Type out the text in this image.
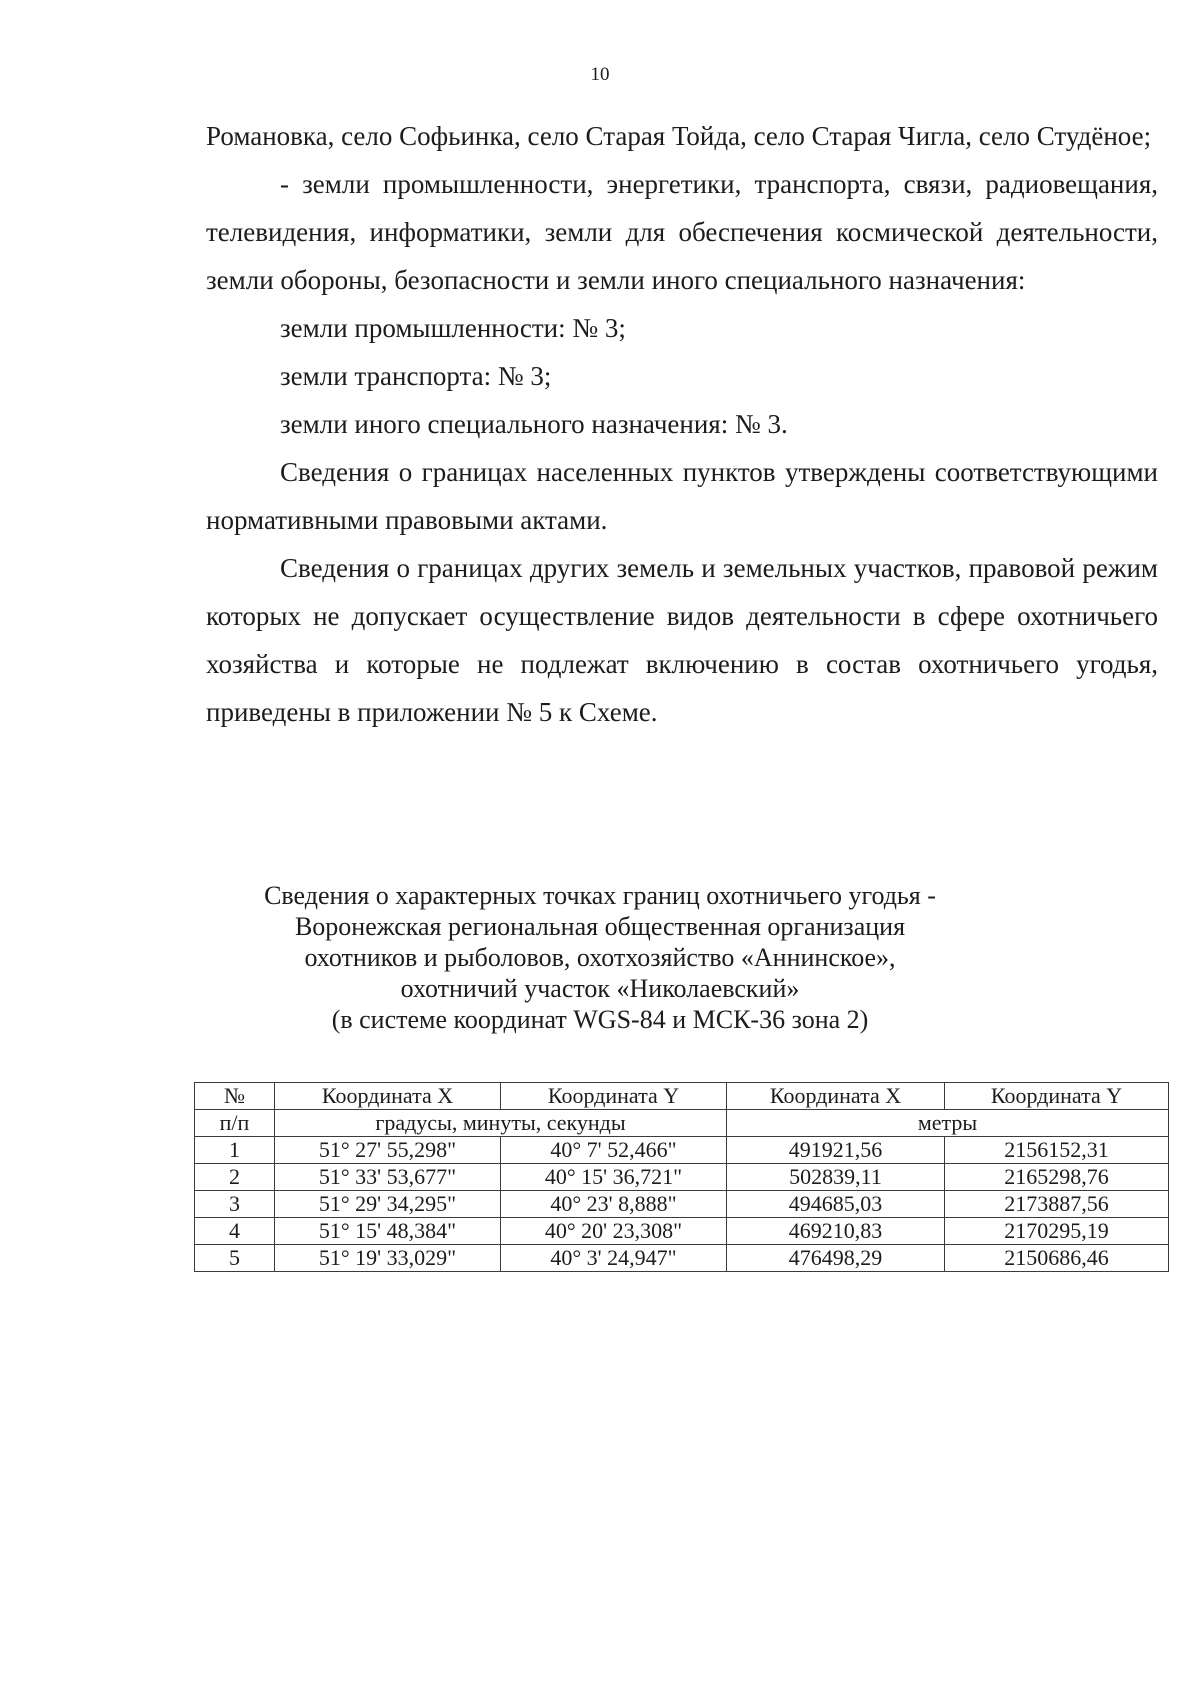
10

Романовка, село Софьинка, село Старая Тойда, село Старая Чигла, село Студёное;

- земли промышленности, энергетики, транспорта, связи, радиовещания, телевидения, информатики, земли для обеспечения космической деятельности, земли обороны, безопасности и земли иного специального назначения:

земли промышленности: № 3;

земли транспорта: № 3;

земли иного специального назначения: № 3.

Сведения о границах населенных пунктов утверждены соответствующими нормативными правовыми актами.

Сведения о границах других земель и земельных участков, правовой режим которых не допускает осуществление видов деятельности в сфере охотничьего хозяйства и которые не подлежат включению в состав охотничьего угодья, приведены в приложении № 5 к Схеме.

Сведения о характерных точках границ охотничьего угодья -
Воронежская региональная общественная организация
охотников и рыболовов, охотхозяйство «Аннинское»,
охотничий участок «Николаевский»
(в системе координат WGS-84 и МСК-36 зона 2)
№	Координата X	Координата Y	Координата X	Координата Y
п/п	градусы, минуты, секунды		метры	
1	51° 27' 55,298"	40° 7' 52,466"	491921,56	2156152,31
2	51° 33' 53,677"	40° 15' 36,721"	502839,11	2165298,76
3	51° 29' 34,295"	40° 23' 8,888"	494685,03	2173887,56
4	51° 15' 48,384"	40° 20' 23,308"	469210,83	2170295,19
5	51° 19' 33,029"	40° 3' 24,947"	476498,29	2150686,46
